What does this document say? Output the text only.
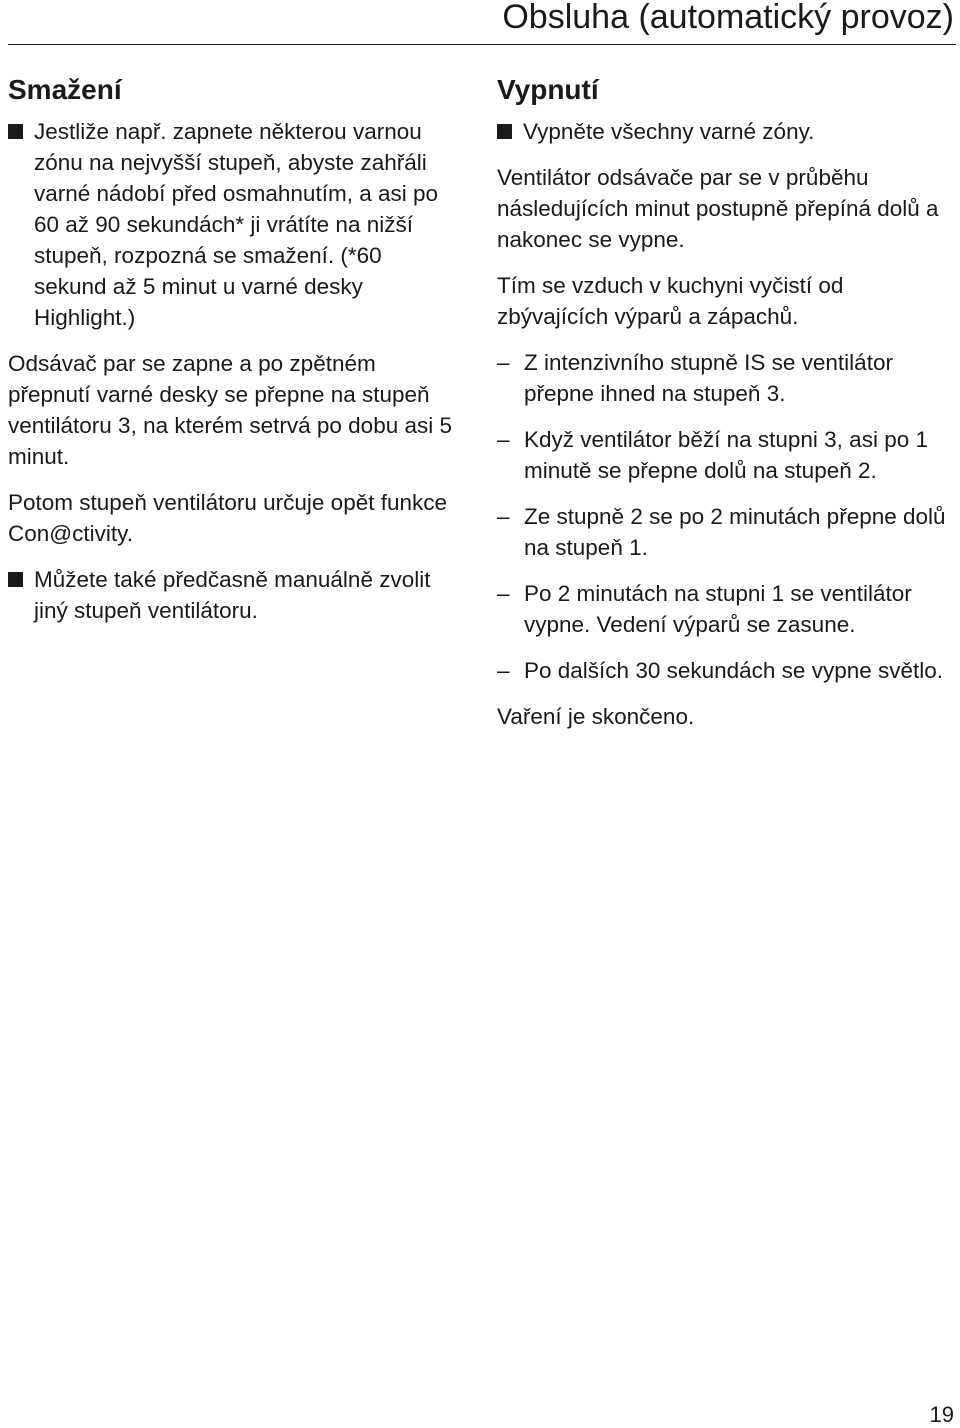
Obsluha (automatický provoz)
Smažení

Jestliže např. zapnete některou varnou zónu na nejvyšší stupeň, abyste zahřáli varné nádobí před osmahnutím, a asi po 60 až 90 sekundách* ji vrátíte na nižší stupeň, rozpozná se smažení. (*60 sekund až 5 minut u varné desky Highlight.)

Odsávač par se zapne a po zpětném přepnutí varné desky se přepne na stupeň ventilátoru 3, na kterém setrvá po dobu asi 5 minut.

Potom stupeň ventilátoru určuje opět funkce Con@ctivity.

Můžete také předčasně manuálně zvolit jiný stupeň ventilátoru.

Vypnutí

Vypněte všechny varné zóny.

Ventilátor odsávače par se v průběhu následujících minut postupně přepíná dolů a nakonec se vypne.

Tím se vzduch v kuchyni vyčistí od zbývajících výparů a zápachů.

– Z intenzivního stupně IS se ventilátor přepne ihned na stupeň 3.

– Když ventilátor běží na stupni 3, asi po 1 minutě se přepne dolů na stupeň 2.

– Ze stupně 2 se po 2 minutách přepne dolů na stupeň 1.

– Po 2 minutách na stupni 1 se ventilátor vypne. Vedení výparů se zasune.

– Po dalších 30 sekundách se vypne světlo.

Vaření je skončeno.

19
